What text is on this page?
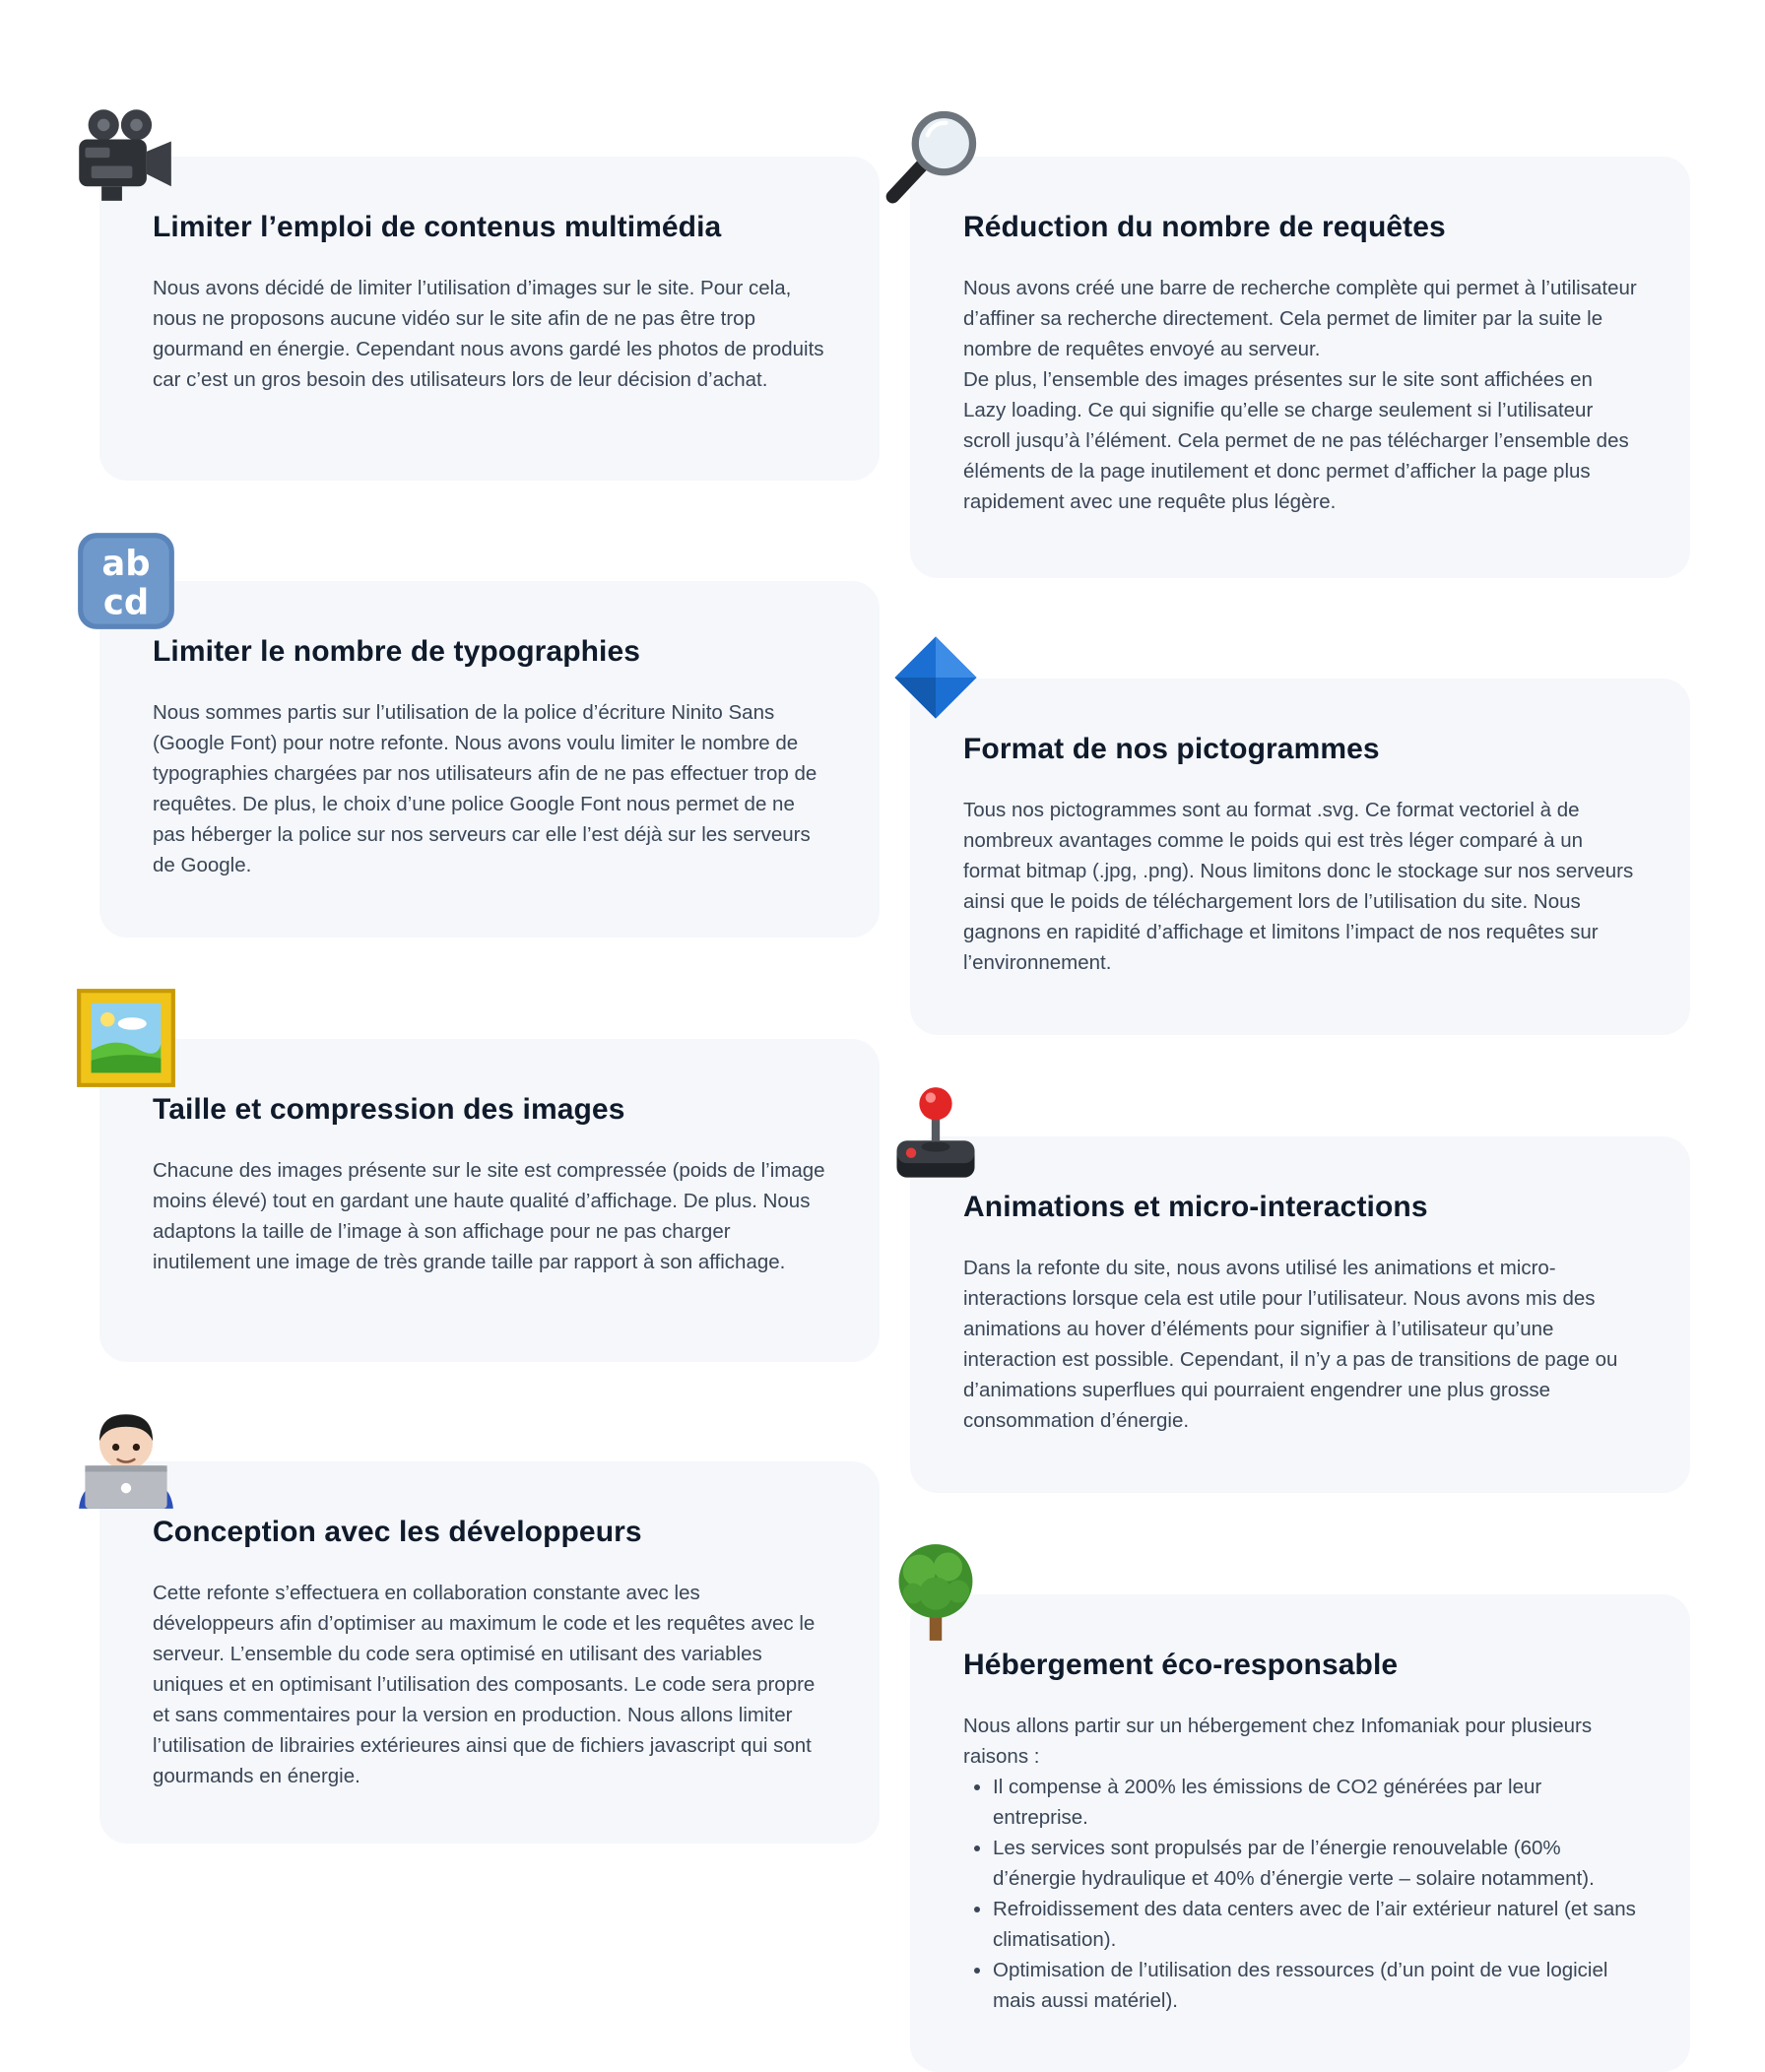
Limiter l’emploi de contenus multimédia

Nous avons décidé de limiter l’utilisation d’images sur le site. Pour cela, nous ne proposons aucune vidéo sur le site afin de ne pas être trop gourmand en énergie. Cependant nous avons gardé les photos de produits car c’est un gros besoin des utilisateurs lors de leur décision d’achat.

Réduction du nombre de requêtes

Nous avons créé une barre de recherche complète qui permet à l’utilisateur d’affiner sa recherche directement. Cela permet de limiter par la suite le nombre de requêtes envoyé au serveur.

De plus, l’ensemble des images présentes sur le site sont affichées en Lazy loading. Ce qui signifie qu’elle se charge seulement si l’utilisateur scroll jusqu’à l’élément. Cela permet de ne pas télécharger l’ensemble des éléments de la page inutilement et donc permet d’afficher la page plus rapidement avec une requête plus légère.

Limiter le nombre de typographies

Nous sommes partis sur l’utilisation de la police d’écriture Ninito Sans (Google Font) pour notre refonte. Nous avons voulu limiter le nombre de typographies chargées par nos utilisateurs afin de ne pas effectuer trop de requêtes. De plus, le choix d’une police Google Font nous permet de ne pas héberger la police sur nos serveurs car elle l’est déjà sur les serveurs de Google.

ab
cd
Format de nos pictogrammes

Tous nos pictogrammes sont au format .svg. Ce format vectoriel à de nombreux avantages comme le poids qui est très léger comparé à un format bitmap (.jpg, .png). Nous limitons donc le stockage sur nos serveurs ainsi que le poids de téléchargement lors de l’utilisation du site. Nous gagnons en rapidité d’affichage et limitons l’impact de nos requêtes sur l’environnement.

Taille et compression des images

Chacune des images présente sur le site est compressée (poids de l’image moins élevé) tout en gardant une haute qualité d’affichage. De plus. Nous adaptons la taille de l’image à son affichage pour ne pas charger inutilement une image de très grande taille par rapport à son affichage.

Animations et micro-interactions

Dans la refonte du site, nous avons utilisé les animations et micro-interactions lorsque cela est utile pour l’utilisateur. Nous avons mis des animations au hover d’éléments pour signifier à l’utilisateur qu’une interaction est possible. Cependant, il n’y a pas de transitions de page ou d’animations superflues qui pourraient engendrer une plus grosse consommation d’énergie.

Conception avec les développeurs

Cette refonte s’effectuera en collaboration constante avec les développeurs afin d’optimiser au maximum le code et les requêtes avec le serveur. L’ensemble du code sera optimisé en utilisant des variables uniques et en optimisant l’utilisation des composants. Le code sera propre et sans commentaires pour la version en production. Nous allons limiter l’utilisation de librairies extérieures ainsi que de fichiers javascript qui sont gourmands en énergie.

Hébergement éco-responsable

Nous allons partir sur un hébergement chez Infomaniak pour plusieurs raisons :

• Il compense à 200% les émissions de CO2 générées par leur entreprise.
• Les services sont propulsés par de l’énergie renouvelable (60% d’énergie hydraulique et 40% d’énergie verte – solaire notamment).
• Refroidissement des data centers avec de l’air extérieur naturel (et sans climatisation).
• Optimisation de l’utilisation des ressources (d’un point de vue logiciel mais aussi matériel).
